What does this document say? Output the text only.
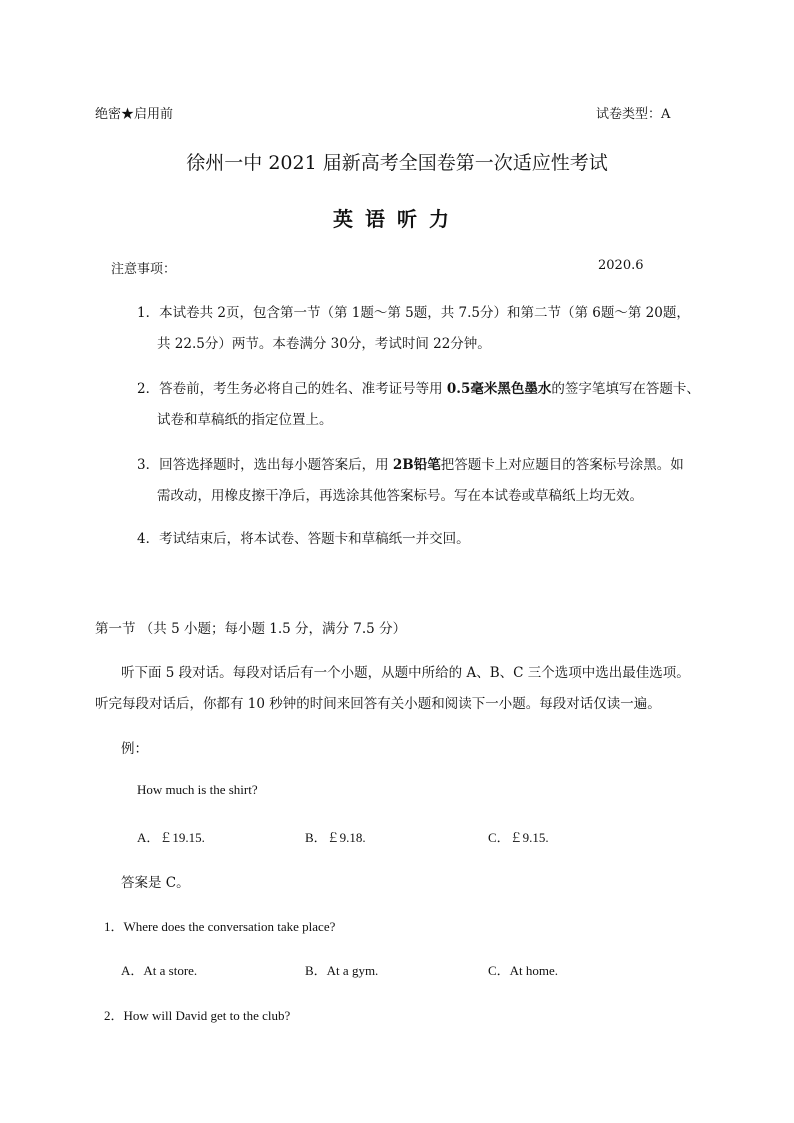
绝密★启用前	试卷类型：A
徐州一中 2021 届新高考全国卷第一次适应性考试
英语听力
注意事项：	2020.6
1．本试卷共 2页，包含第一节（第 1题～第 5题，共 7.5分）和第二节（第 6题～第 20题，
共 22.5分）两节。本卷满分 30分，考试时间 22分钟。
2．答卷前，考生务必将自己的姓名、准考证号等用 0.5毫米黑色墨水的签字笔填写在答题卡、
试卷和草稿纸的指定位置上。
3．回答选择题时，选出每小题答案后，用 2B铅笔把答题卡上对应题目的答案标号涂黑。如
需改动，用橡皮擦干净后，再选涂其他答案标号。写在本试卷或草稿纸上均无效。
4．考试结束后，将本试卷、答题卡和草稿纸一并交回。
第一节 （共 5 小题；每小题 1.5 分，满分 7.5 分）
听下面 5 段对话。每段对话后有一个小题，从题中所给的 A、B、C 三个选项中选出最佳选项。
听完每段对话后，你都有 10 秒钟的时间来回答有关小题和阅读下一小题。每段对话仅读一遍。
例：
How much is the shirt?
A．￡19.15.	B．￡9.18.	C．￡9.15.
答案是 C。
1．Where does the conversation take place?
A．At a store.	B．At a gym.	C．At home.
2．How will David get to the club?
